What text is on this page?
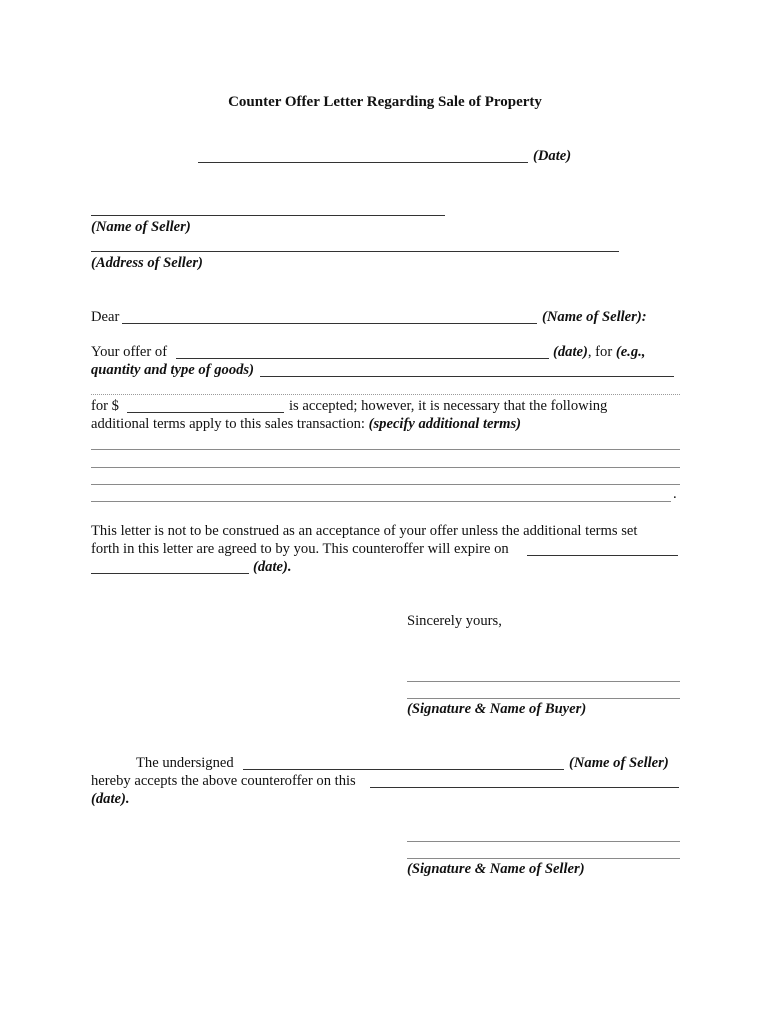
Counter Offer Letter Regarding Sale of Property
(Date)
(Name of Seller)
(Address of Seller)
Dear	(Name of Seller):
Your offer of	(date), for (e.g.,
quantity and type of goods)
for $	is accepted; however, it is necessary that the following
additional terms apply to this sales transaction: (specify additional terms)
.
This letter is not to be construed as an acceptance of your offer unless the additional terms set
forth in this letter are agreed to by you. This counteroffer will expire on
(date).
Sincerely yours,
(Signature & Name of Buyer)
The undersigned	(Name of Seller)
hereby accepts the above counteroffer on this
(date).
(Signature & Name of Seller)
